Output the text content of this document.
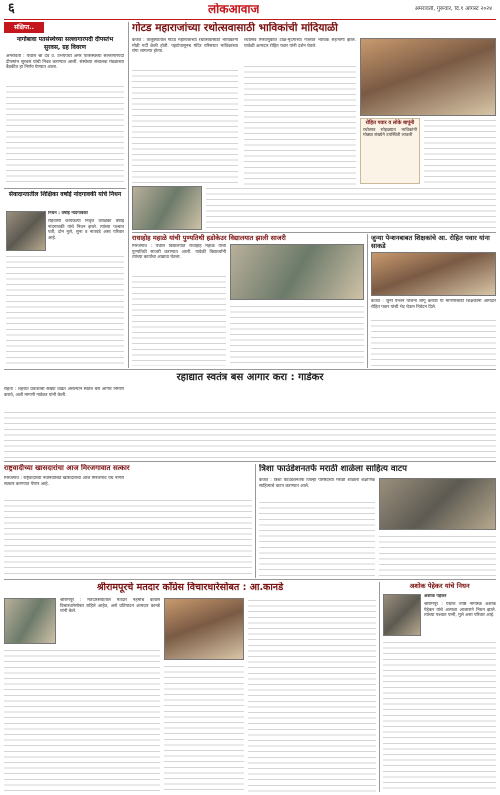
६	लोकआवाज	अमरावती, गुरूवार, दि.१ ऑगस्ट २०२४
संक्षिप्त..
नागोबावा पतसंस्थेच्या सल्लागारपदी दीपस्तंभ सुरवस, ग्रह विवरण
अमरावती : येथील श्री देव उ. उभयपंथी अमर पतसंस्थेच्या सल्लागारपदी दीपस्तंभ सुरवस यांची निवड करण्यात आली. संस्थेच्या संचालक मंडळाच्या बैठकीत हा निर्णय घेण्यात आला.
सेवादान्तातील शिक्षिका वर्षाई नांदगावकी यांचे निधन
निधन : वर्षाई नांदगावकी
रहिवासी कार्यकर्त्या निवृत्त शिक्षिका वर्षाई नांदगावकी यांचे निधन झाले. त्यांच्या पश्चात पती, दोन मुले, सुना व नातवंडे असा परिवार आहे.
गोटड महाराजांच्या रथोत्सवासाठी भाविकांची मांदियाळी
कर्जत : तालुक्यातील गोटड महाराजांच्या रथोत्सवासाठी भाविकांनी मोठी गर्दी केली होती. पहाटेपासूनच मंदिर परिसरात भाविकांच्या रांगा लागल्या होत्या.
रथोत्सव मिरवणुकीत टाळ-मृदंगाच्या गजरात भाविक सहभागी झाले. यावेळी आमदार रोहित पवार यांनी दर्शन घेतले.
रोहित पवार व लोके बापूंनी
रथोत्सव सोहळ्यात भाविकांनी मोठ्या संख्येने उपस्थिती लावली
राधाहोह महाळे यांची पुण्यतिथी हडोकेउर विद्यालयात झाली साजरी
मिरजगाव : येथील विद्यालयात राधाहोह महाळे यांची पुण्यतिथी साजरी करण्यात आली. यावेळी विद्यार्थ्यांनी त्यांच्या कार्याचा आढावा घेतला.
जुन्या पेन्शनबाबत शिक्षकांचे आ. रोहित पवार यांना साकडे
कर्जत : जुनी पेन्शन योजना लागू करावी या मागणीसाठी शिक्षकांनी आमदार रोहित पवार यांची भेट घेऊन निवेदन दिले.
रहाद्यात स्वतंत्र बस आगार करा : गाडेकर
राहता : शहरात प्रवाशांची संख्या वाढत असल्याने स्वतंत्र बस आगार निर्माण करावे, अशी मागणी गाडेकर यांनी केली.
राष्ट्रवादीच्या खासदारांचा आज मिरजगावात सत्कार
मिरजगाव : राष्ट्रवादीच्या नवनिर्वाचित खासदारांचा आज मिरजगाव येथे नागरी सत्कार करण्यात येणार आहे.
त्रिशा फाउंडेशनतर्फे मराठी शाळेला साहित्य वाटप
कर्जत : त्रिशा फाउंडेशनतर्फे जिल्हा परिषदेच्या मराठी शाळेला शैक्षणिक साहित्याचे वाटप करण्यात आले.
श्रीरामपूरचे मतदार काँग्रेस विचारधारेसोबत : आ.कानडे
श्रीरामपूर : मतदारसंघातील मतदार नेहमीच काँग्रेस विचारधारेसोबत राहिले आहेत, असे प्रतिपादन आमदार कानडे यांनी केले.
अशोक पेहेकर यांचे निधन
अशोक पेहेकर
श्रीरामपूर : येथील ज्येष्ठ नागरिक अशोक पेहेकर यांचे अल्पशा आजाराने निधन झाले. त्यांच्या पश्चात पत्नी, मुले असा परिवार आहे.
